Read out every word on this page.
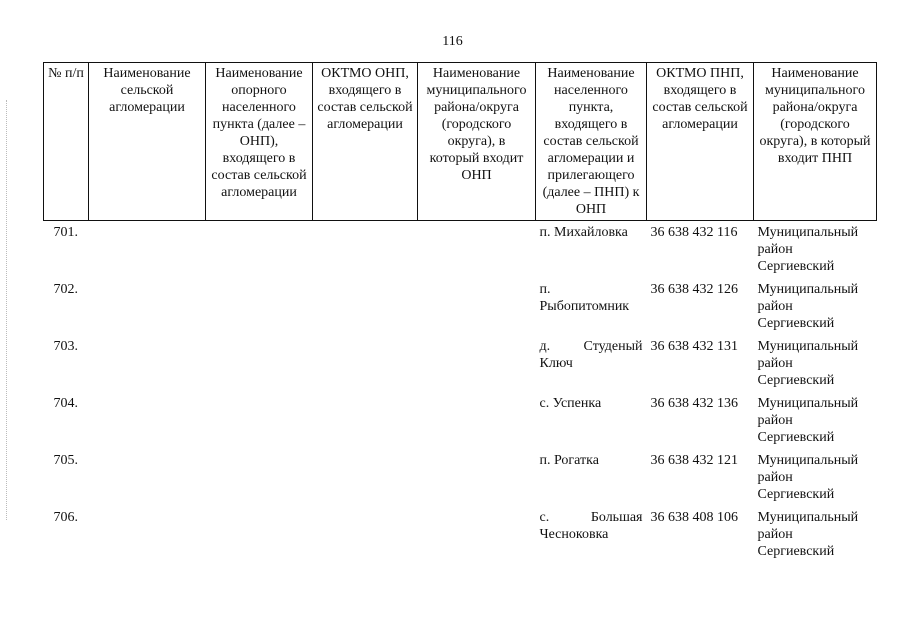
116
№ п/п	Наименование сельской агломерации	Наименование опорного населенного пункта (далее – ОНП), входящего в состав сельской агломерации	ОКТМО ОНП, входящего в состав сельской агломерации	Наименование муниципального района/округа (городского округа), в который входит ОНП	Наименование населенного пункта, входящего в состав сельской агломерации и прилегающего (далее – ПНП) к ОНП	ОКТМО ПНП, входящего в состав сельской агломерации	Наименование муниципального района/округа (городского округа), в который входит ПНП
701.					п. Михайловка	36 638 432 116	Муниципальный район Сергиевский
702.					п. Рыбопитомник	36 638 432 126	Муниципальный район Сергиевский
703.					д. Студеный Ключ	36 638 432 131	Муниципальный район Сергиевский
704.					с. Успенка	36 638 432 136	Муниципальный район Сергиевский
705.					п. Рогатка	36 638 432 121	Муниципальный район Сергиевский
706.					с. Большая Чесноковка	36 638 408 106	Муниципальный район Сергиевский
